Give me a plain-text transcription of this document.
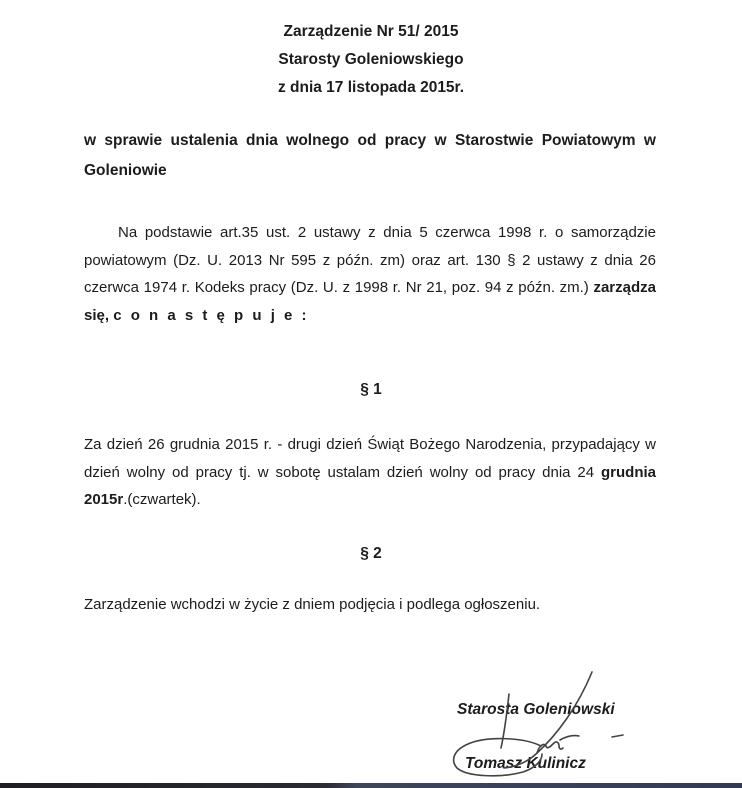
Zarządzenie Nr 51/ 2015
Starosty Goleniowskiego
z dnia 17 listopada 2015r.
w sprawie ustalenia dnia wolnego od pracy w Starostwie Powiatowym w
Goleniowie
Na podstawie art.35 ust. 2 ustawy z dnia 5 czerwca 1998 r. o samorządzie
powiatowym (Dz. U. 2013 Nr 595 z późn. zm) oraz art. 130 § 2 ustawy z dnia 26
czerwca 1974 r. Kodeks pracy (Dz. U. z 1998 r. Nr 21, poz. 94 z późn. zm.) zarządza
się, c o n a s t ę p u j e :
§ 1
Za dzień 26 grudnia 2015 r. - drugi dzień Świąt Bożego Narodzenia, przypadający w
dzień wolny od pracy tj. w sobotę ustalam dzień wolny od pracy dnia 24 grudnia
2015r.(czwartek).
§ 2
Zarządzenie wchodzi w życie z dniem podjęcia i podlega ogłoszeniu.
Starosta Goleniowski
Tomasz Kulinicz
